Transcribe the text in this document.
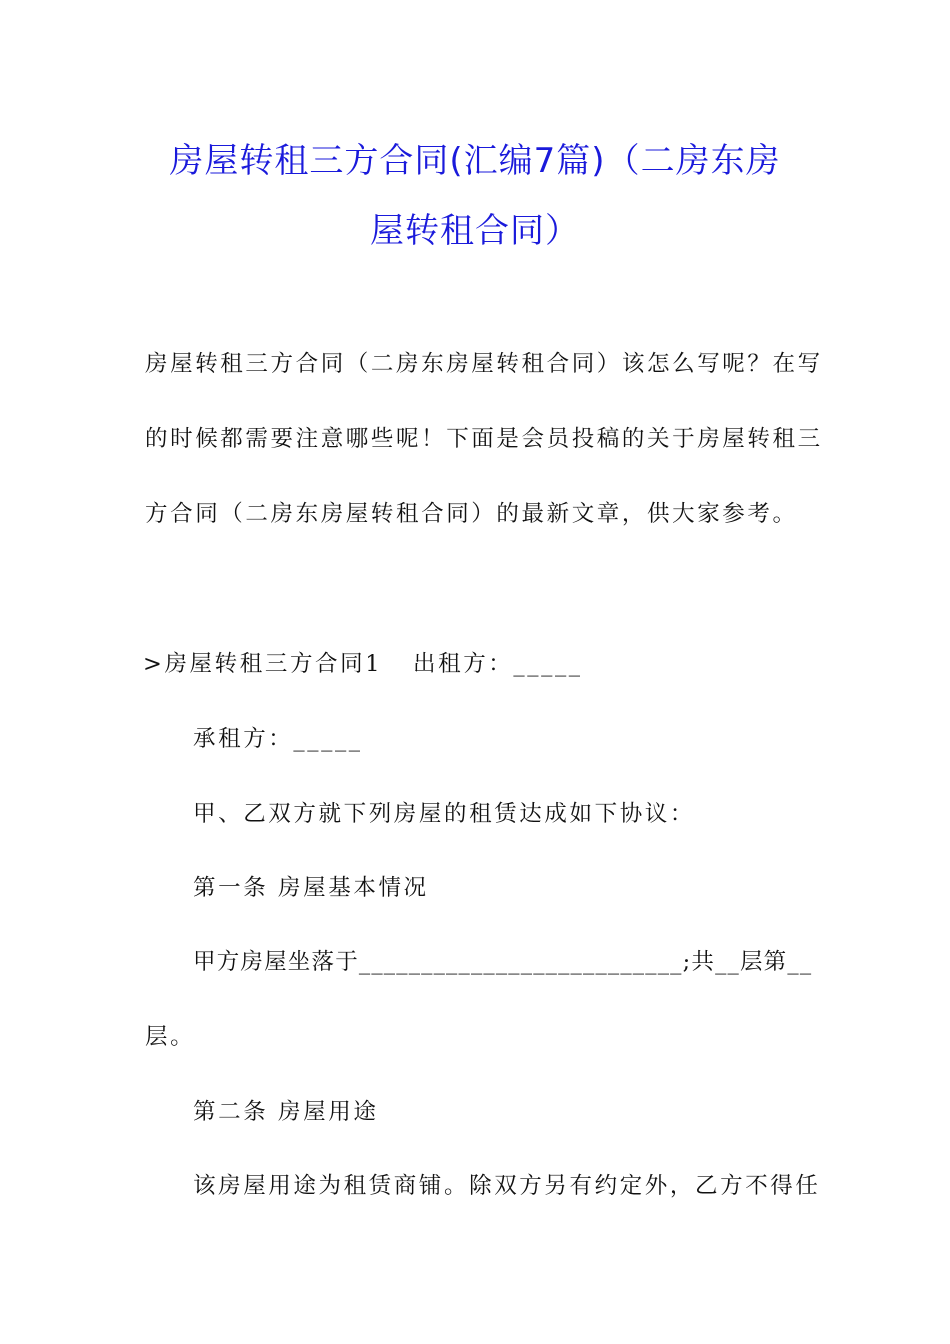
房屋转租三方合同(汇编7篇)（二房东房
屋转租合同）
房屋转租三方合同（二房东房屋转租合同）该怎么写呢？在写
的时候都需要注意哪些呢！下面是会员投稿的关于房屋转租三
方合同（二房东房屋转租合同）的最新文章，供大家参考。
>房屋转租三方合同1 出租方：_____
承租方：_____
甲、乙双方就下列房屋的租赁达成如下协议：
第一条 房屋基本情况
甲方房屋坐落于__________________________;共__层第__
层。
第二条 房屋用途
该房屋用途为租赁商铺。除双方另有约定外，乙方不得任
